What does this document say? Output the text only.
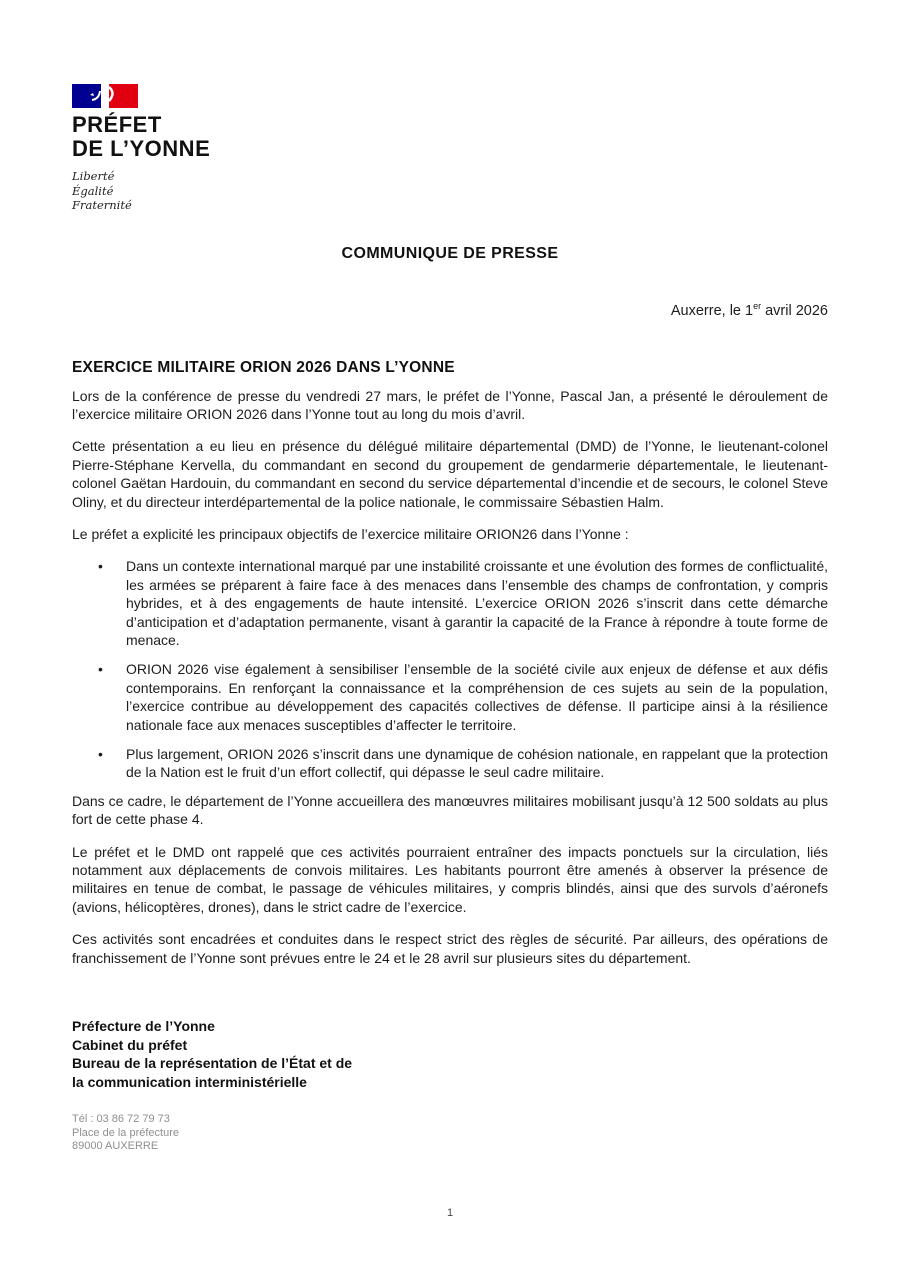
PRÉFET
DE L’YONNE
Liberté
Égalité
Fraternité
COMMUNIQUE DE PRESSE
Auxerre, le 1er avril 2026
EXERCICE MILITAIRE ORION 2026 DANS L’YONNE

Lors de la conférence de presse du vendredi 27 mars, le préfet de l’Yonne, Pascal Jan, a présenté le déroulement de l’exercice militaire ORION 2026 dans l’Yonne tout au long du mois d’avril.

Cette présentation a eu lieu en présence du délégué militaire départemental (DMD) de l’Yonne, le lieutenant-colonel Pierre-Stéphane Kervella, du commandant en second du groupement de gendarmerie départementale, le lieutenant-colonel Gaëtan Hardouin, du commandant en second du service départemental d’incendie et de secours, le colonel Steve Oliny, et du directeur interdépartemental de la police nationale, le commissaire Sébastien Halm.

Le préfet a explicité les principaux objectifs de l’exercice militaire ORION26 dans l’Yonne :

• Dans un contexte international marqué par une instabilité croissante et une évolution des formes de conflictualité, les armées se préparent à faire face à des menaces dans l’ensemble des champs de confrontation, y compris hybrides, et à des engagements de haute intensité. L’exercice ORION 2026 s’inscrit dans cette démarche d’anticipation et d’adaptation permanente, visant à garantir la capacité de la France à répondre à toute forme de menace.
• ORION 2026 vise également à sensibiliser l’ensemble de la société civile aux enjeux de défense et aux défis contemporains. En renforçant la connaissance et la compréhension de ces sujets au sein de la population, l’exercice contribue au développement des capacités collectives de défense. Il participe ainsi à la résilience nationale face aux menaces susceptibles d’affecter le territoire.
• Plus largement, ORION 2026 s’inscrit dans une dynamique de cohésion nationale, en rappelant que la protection de la Nation est le fruit d’un effort collectif, qui dépasse le seul cadre militaire.

Dans ce cadre, le département de l’Yonne accueillera des manœuvres militaires mobilisant jusqu’à 12 500 soldats au plus fort de cette phase 4.

Le préfet et le DMD ont rappelé que ces activités pourraient entraîner des impacts ponctuels sur la circulation, liés notamment aux déplacements de convois militaires. Les habitants pourront être amenés à observer la présence de militaires en tenue de combat, le passage de véhicules militaires, y compris blindés, ainsi que des survols d’aéronefs (avions, hélicoptères, drones), dans le strict cadre de l’exercice.

Ces activités sont encadrées et conduites dans le respect strict des règles de sécurité. Par ailleurs, des opérations de franchissement de l’Yonne sont prévues entre le 24 et le 28 avril sur plusieurs sites du département.

Préfecture de l’Yonne
Cabinet du préfet
Bureau de la représentation de l’État et de
la communication interministérielle
Tél : 03 86 72 79 73
Place de la préfecture
89000 AUXERRE
1
